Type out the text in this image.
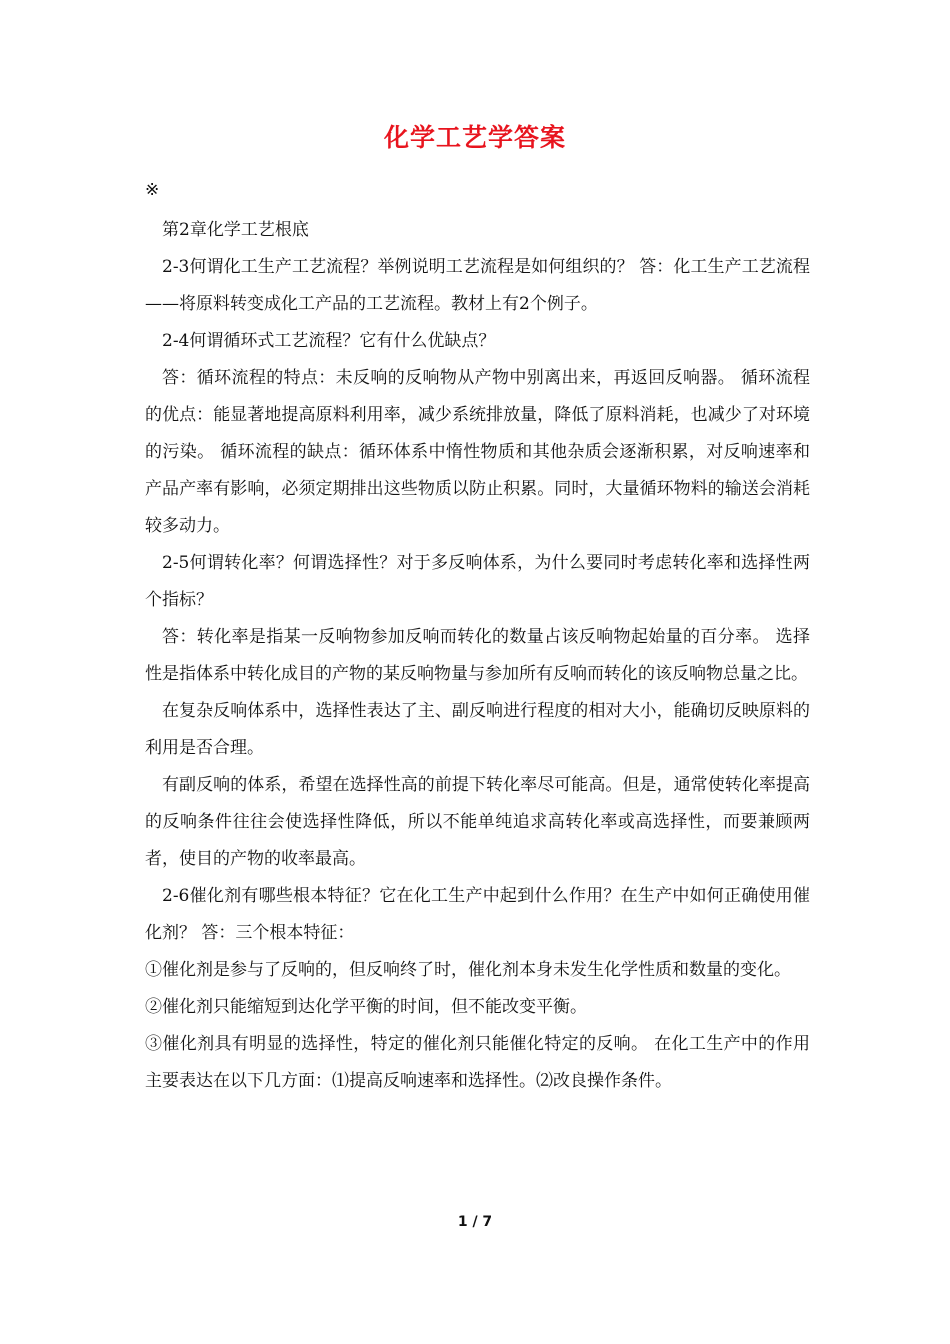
化学工艺学答案
※

第2章化学工艺根底

2-3何谓化工生产工艺流程？举例说明工艺流程是如何组织的？ 答：化工生产工艺流程——将原料转变成化工产品的工艺流程。教材上有2个例子。

2-4何谓循环式工艺流程？它有什么优缺点？

答：循环流程的特点：未反响的反响物从产物中别离出来，再返回反响器。 循环流程的优点：能显著地提高原料利用率，减少系统排放量，降低了原料消耗，也减少了对环境的污染。 循环流程的缺点：循环体系中惰性物质和其他杂质会逐渐积累，对反响速率和产品产率有影响，必须定期排出这些物质以防止积累。同时，大量循环物料的输送会消耗较多动力。

2-5何谓转化率？何谓选择性？对于多反响体系，为什么要同时考虑转化率和选择性两个指标？

答：转化率是指某一反响物参加反响而转化的数量占该反响物起始量的百分率。 选择性是指体系中转化成目的产物的某反响物量与参加所有反响而转化的该反响物总量之比。

在复杂反响体系中，选择性表达了主、副反响进行程度的相对大小，能确切反映原料的利用是否合理。

有副反响的体系，希望在选择性高的前提下转化率尽可能高。但是，通常使转化率提高的反响条件往往会使选择性降低，所以不能单纯追求高转化率或高选择性，而要兼顾两者，使目的产物的收率最高。

2-6催化剂有哪些根本特征？它在化工生产中起到什么作用？在生产中如何正确使用催化剂？ 答：三个根本特征：

①催化剂是参与了反响的，但反响终了时，催化剂本身未发生化学性质和数量的变化。

②催化剂只能缩短到达化学平衡的时间，但不能改变平衡。

③催化剂具有明显的选择性，特定的催化剂只能催化特定的反响。 在化工生产中的作用主要表达在以下几方面：⑴提高反响速率和选择性。⑵改良操作条件。

1 / 7
